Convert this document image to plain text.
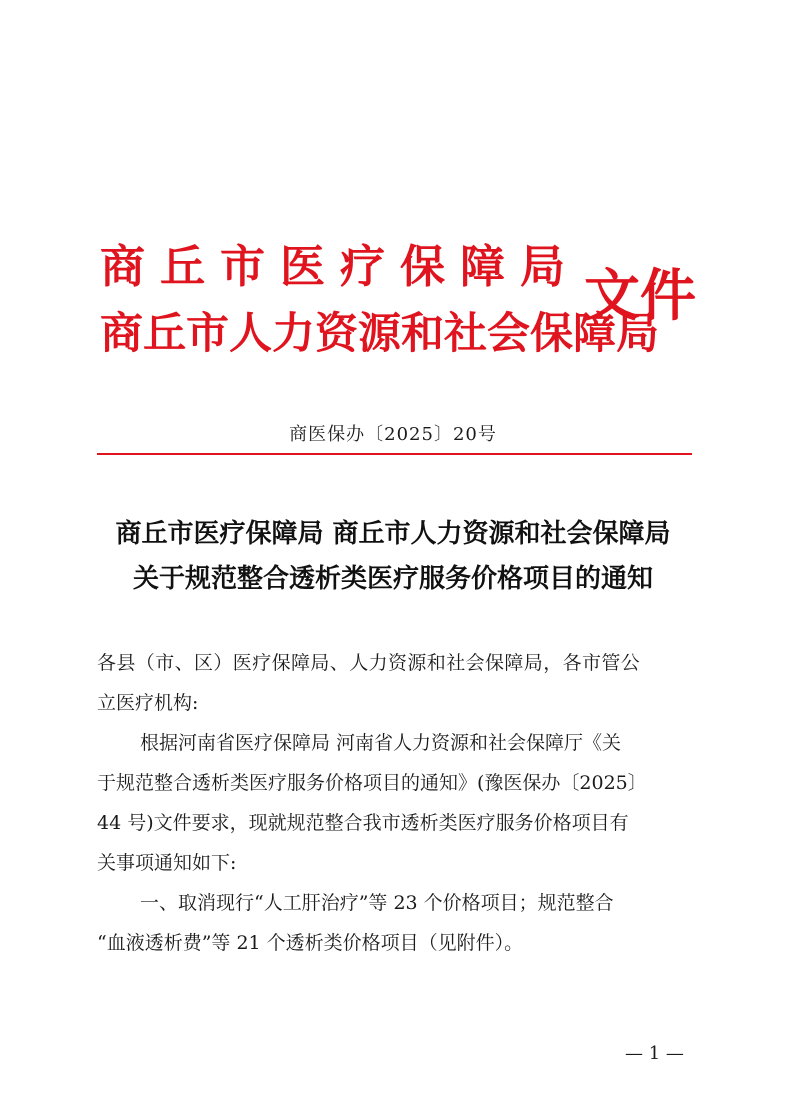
商丘市医疗保障局
商丘市人力资源和社会保障局
文件
商医保办〔2025〕20号
商丘市医疗保障局 商丘市人力资源和社会保障局
关于规范整合透析类医疗服务价格项目的通知
各县（市、区）医疗保障局、人力资源和社会保障局，各市管公
立医疗机构:
根据河南省医疗保障局 河南省人力资源和社会保障厅《关
于规范整合透析类医疗服务价格项目的通知》(豫医保办〔2025〕
44 号)文件要求，现就规范整合我市透析类医疗服务价格项目有
关事项通知如下:
一、取消现行“人工肝治疗”等 23 个价格项目；规范整合
“血液透析费”等 21 个透析类价格项目（见附件）。
— 1 —
